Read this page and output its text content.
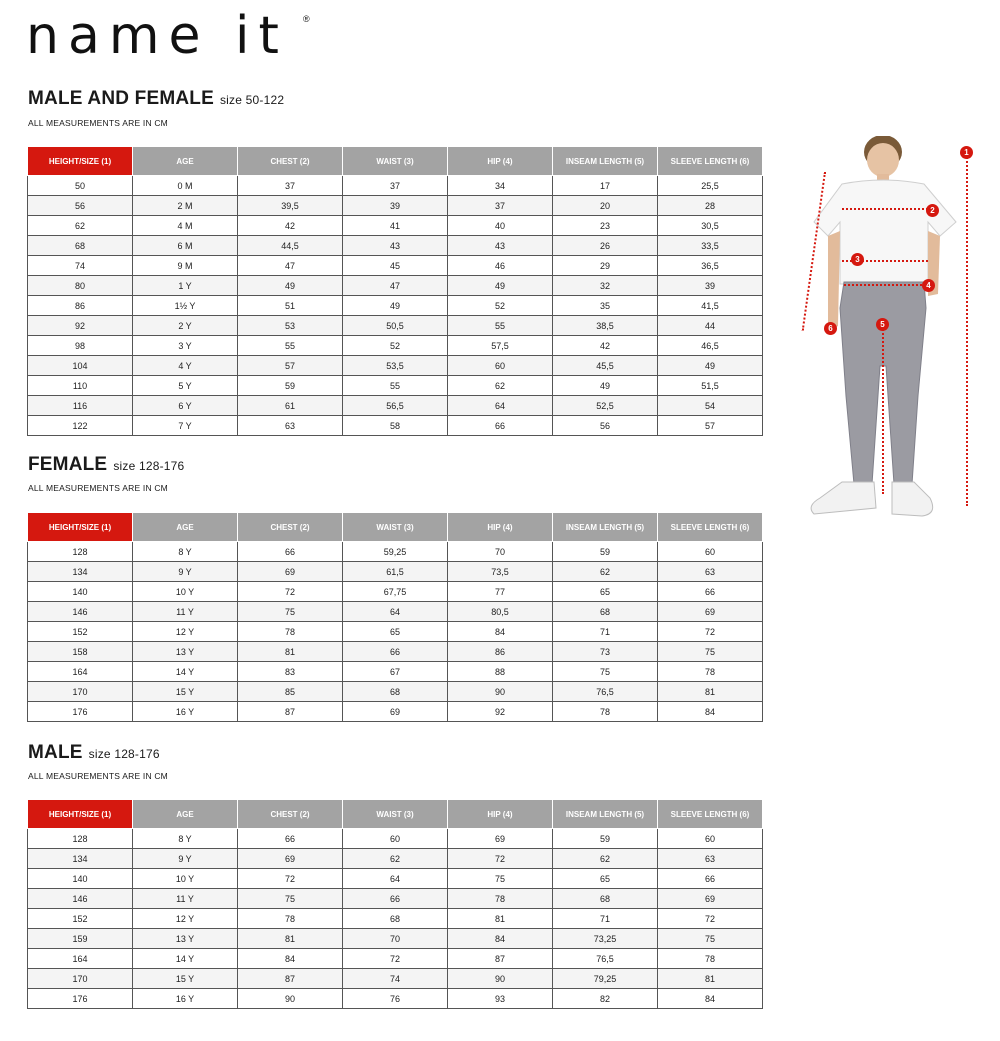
name it ®
MALE AND FEMALE size 50-122
ALL MEASUREMENTS ARE IN CM
HEIGHT/SIZE (1)	AGE	CHEST (2)	WAIST (3)	HIP (4)	INSEAM LENGTH (5)	SLEEVE LENGTH (6)
50	0 M	37	37	34	17	25,5
56	2 M	39,5	39	37	20	28
62	4 M	42	41	40	23	30,5
68	6 M	44,5	43	43	26	33,5
74	9 M	47	45	46	29	36,5
80	1 Y	49	47	49	32	39
86	1½ Y	51	49	52	35	41,5
92	2 Y	53	50,5	55	38,5	44
98	3 Y	55	52	57,5	42	46,5
104	4 Y	57	53,5	60	45,5	49
110	5 Y	59	55	62	49	51,5
116	6 Y	61	56,5	64	52,5	54
122	7 Y	63	58	66	56	57
FEMALE size 128-176
ALL MEASUREMENTS ARE IN CM
HEIGHT/SIZE (1)	AGE	CHEST (2)	WAIST (3)	HIP (4)	INSEAM LENGTH (5)	SLEEVE LENGTH (6)
128	8 Y	66	59,25	70	59	60
134	9 Y	69	61,5	73,5	62	63
140	10 Y	72	67,75	77	65	66
146	11 Y	75	64	80,5	68	69
152	12 Y	78	65	84	71	72
158	13 Y	81	66	86	73	75
164	14 Y	83	67	88	75	78
170	15 Y	85	68	90	76,5	81
176	16 Y	87	69	92	78	84
MALE size 128-176
ALL MEASUREMENTS ARE IN CM
HEIGHT/SIZE (1)	AGE	CHEST (2)	WAIST (3)	HIP (4)	INSEAM LENGTH (5)	SLEEVE LENGTH (6)
128	8 Y	66	60	69	59	60
134	9 Y	69	62	72	62	63
140	10 Y	72	64	75	65	66
146	11 Y	75	66	78	68	69
152	12 Y	78	68	81	71	72
159	13 Y	81	70	84	73,25	75
164	14 Y	84	72	87	76,5	78
170	15 Y	87	74	90	79,25	81
176	16 Y	90	76	93	82	84
1
2
3
4
5
6
